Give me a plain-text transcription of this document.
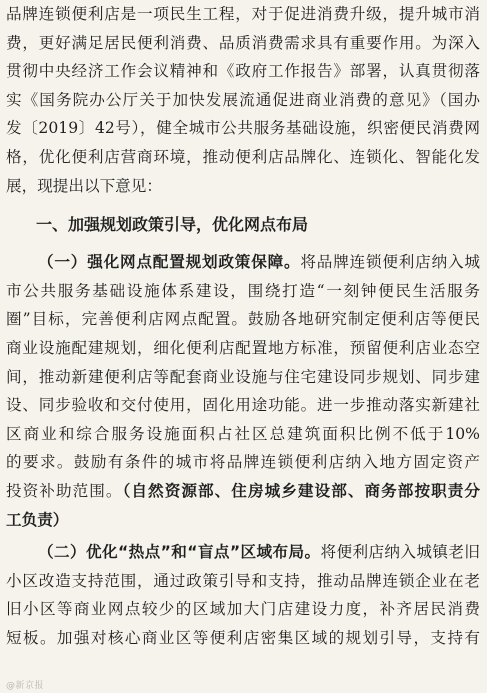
品牌连锁便利店是一项民生工程，对于促进消费升级，提升城市消
费，更好满足居民便利消费、品质消费需求具有重要作用。为深入
贯彻中央经济工作会议精神和《政府工作报告》部署，认真贯彻落
实《国务院办公厅关于加快发展流通促进商业消费的意见》（国办
发〔2019〕42号），健全城市公共服务基础设施，织密便民消费网
格，优化便利店营商环境，推动便利店品牌化、连锁化、智能化发
展，现提出以下意见：
一、加强规划政策引导，优化网点布局
（一）强化网点配置规划政策保障。将品牌连锁便利店纳入城
市公共服务基础设施体系建设，围绕打造“一刻钟便民生活服务
圈”目标，完善便利店网点配置。鼓励各地研究制定便利店等便民
商业设施配建规划，细化便利店配置地方标准，预留便利店业态空
间，推动新建便利店等配套商业设施与住宅建设同步规划、同步建
设、同步验收和交付使用，固化用途功能。进一步推动落实新建社
区商业和综合服务设施面积占社区总建筑面积比例不低于10%
的要求。鼓励有条件的城市将品牌连锁便利店纳入地方固定资产
投资补助范围。（自然资源部、住房城乡建设部、商务部按职责分
工负责）
（二）优化“热点”和“盲点”区域布局。将便利店纳入城镇老旧
小区改造支持范围，通过政策引导和支持，推动品牌连锁企业在老
旧小区等商业网点较少的区域加大门店建设力度，补齐居民消费
短板。加强对核心商业区等便利店密集区域的规划引导，支持有
@新京报
